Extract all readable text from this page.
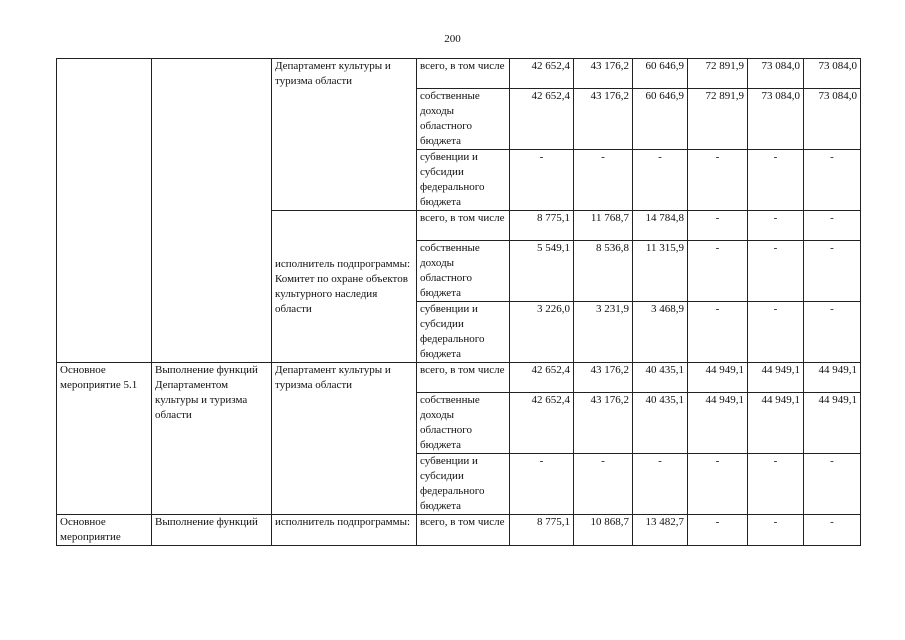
200
		Департамент культуры и туризма области	всего, в том числе	42 652,4	43 176,2	60 646,9	72 891,9	73 084,0	73 084,0
			собственные доходы областного бюджета	42 652,4	43 176,2	60 646,9	72 891,9	73 084,0	73 084,0
			субвенции и субсидии федерального бюджета	-	-	-	-	-	-
		исполнитель подпрограммы: Комитет по охране объектов культурного наследия области	всего, в том числе	8 775,1	11 768,7	14 784,8	-	-	-
			собственные доходы областного бюджета	5 549,1	8 536,8	11 315,9	-	-	-
			субвенции и субсидии федерального бюджета	3 226,0	3 231,9	3 468,9	-	-	-
Основное мероприятие 5.1	Выполнение функций Департаментом культуры и туризма области	Департамент культуры и туризма области	всего, в том числе	42 652,4	43 176,2	40 435,1	44 949,1	44 949,1	44 949,1
			собственные доходы областного бюджета	42 652,4	43 176,2	40 435,1	44 949,1	44 949,1	44 949,1
			субвенции и субсидии федерального бюджета	-	-	-	-	-	-
Основное мероприятие	Выполнение функций	исполнитель подпрограммы:	всего, в том числе	8 775,1	10 868,7	13 482,7	-	-	-
